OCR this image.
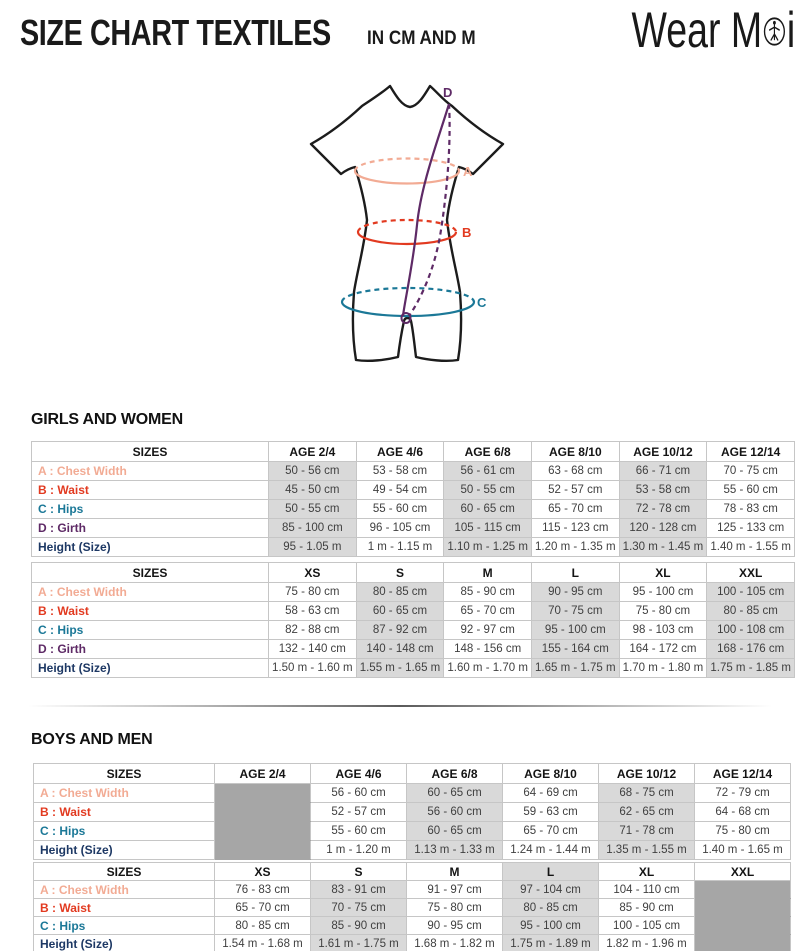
SIZE CHART TEXTILES IN CM AND M	Wear M i
A
B
C
D
GIRLS AND WOMEN
SIZES	AGE 2/4	AGE 4/6	AGE 6/8	AGE 8/10	AGE 10/12	AGE 12/14
A : Chest Width	50 - 56 cm	53 - 58 cm	56 - 61 cm	63 - 68 cm	66 - 71 cm	70 - 75 cm
B : Waist	45 - 50 cm	49 - 54 cm	50 - 55 cm	52 - 57 cm	53 - 58 cm	55 - 60 cm
C : Hips	50 - 55 cm	55 - 60 cm	60 - 65 cm	65 - 70 cm	72 - 78 cm	78 - 83 cm
D : Girth	85 - 100 cm	96 - 105 cm	105 - 115 cm	115 - 123 cm	120 - 128 cm	125 - 133 cm
Height (Size)	95 - 1.05 m	1 m - 1.15 m	1.10 m - 1.25 m	1.20 m - 1.35 m	1.30 m - 1.45 m	1.40 m - 1.55 m
SIZES	XS	S	M	L	XL	XXL
A : Chest Width	75 - 80 cm	80 - 85 cm	85 - 90 cm	90 - 95 cm	95 - 100 cm	100 - 105 cm
B : Waist	58 - 63 cm	60 - 65 cm	65 - 70 cm	70 - 75 cm	75 - 80 cm	80 - 85 cm
C : Hips	82 - 88 cm	87 - 92 cm	92 - 97 cm	95 - 100 cm	98 - 103 cm	100 - 108 cm
D : Girth	132 - 140 cm	140 - 148 cm	148 - 156 cm	155 - 164 cm	164 - 172 cm	168 - 176 cm
Height (Size)	1.50 m - 1.60 m	1.55 m - 1.65 m	1.60 m - 1.70 m	1.65 m - 1.75 m	1.70 m - 1.80 m	1.75 m - 1.85 m
BOYS AND MEN
SIZES	AGE 2/4	AGE 4/6	AGE 6/8	AGE 8/10	AGE 10/12	AGE 12/14
A : Chest Width		56 - 60 cm	60 - 65 cm	64 - 69 cm	68 - 75 cm	72 - 79 cm
B : Waist		52 - 57 cm	56 - 60 cm	59 - 63 cm	62 - 65 cm	64 - 68 cm
C : Hips		55 - 60 cm	60 - 65 cm	65 - 70 cm	71 - 78 cm	75 - 80 cm
Height (Size)		1 m - 1.20 m	1.13 m - 1.33 m	1.24 m - 1.44 m	1.35 m - 1.55 m	1.40 m - 1.65 m
SIZES	XS	S	M	L	XL	XXL
A : Chest Width	76 - 83 cm	83 - 91 cm	91 - 97 cm	97 - 104 cm	104 - 110 cm	
B : Waist	65 - 70 cm	70 - 75 cm	75 - 80 cm	80 - 85 cm	85 - 90 cm	
C : Hips	80 - 85 cm	85 - 90 cm	90 - 95 cm	95 - 100 cm	100 - 105 cm	
Height (Size)	1.54 m - 1.68 m	1.61 m - 1.75 m	1.68 m - 1.82 m	1.75 m - 1.89 m	1.82 m - 1.96 m	
